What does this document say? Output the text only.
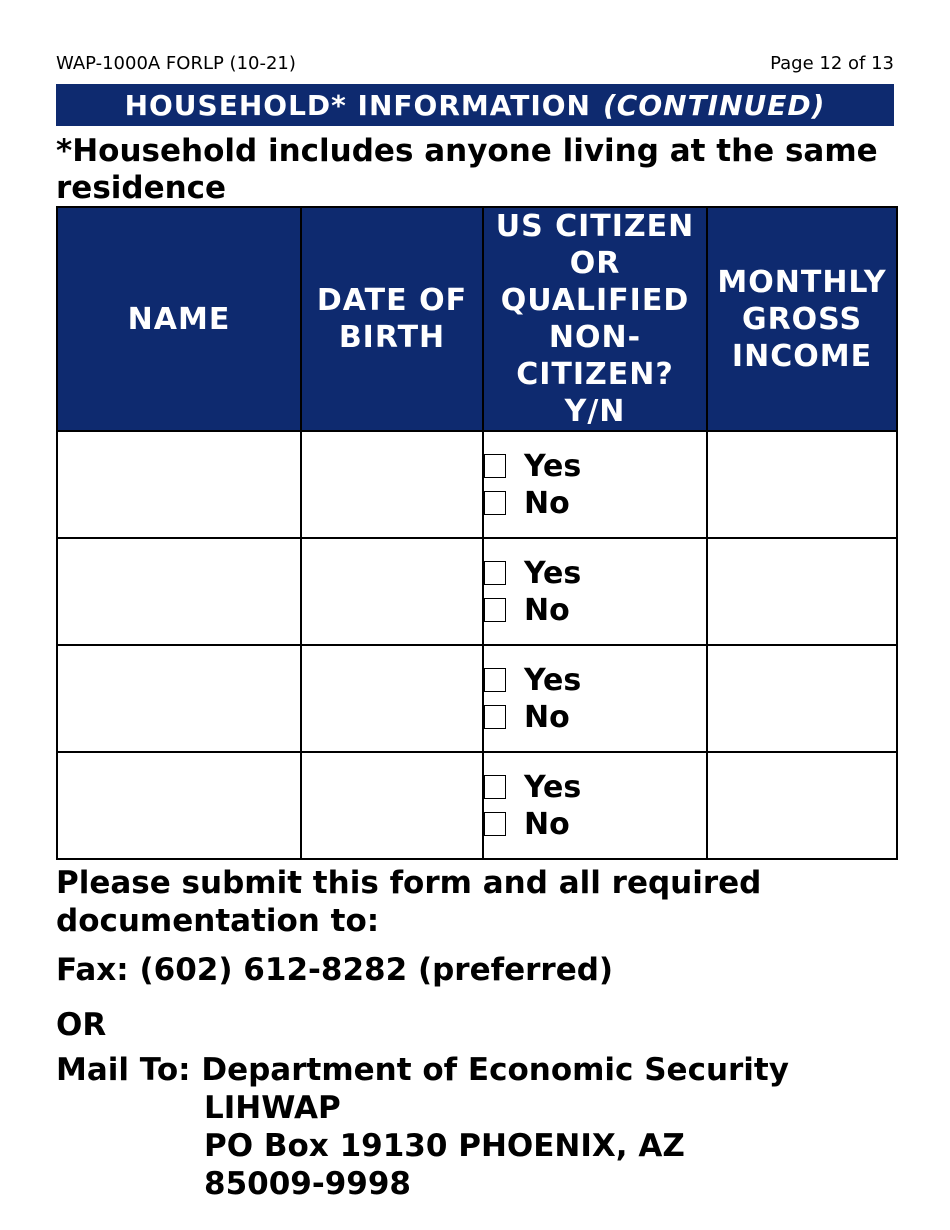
WAP-1000A FORLP (10-21)	Page 12 of 13
HOUSEHOLD* INFORMATION (CONTINUED)
*Household includes anyone living at the same residence
NAME	DATE OF BIRTH	US CITIZEN OR QUALIFIED NON-CITIZEN? Y/N	MONTHLY GROSS INCOME

		Yes
No	

		Yes
No	

		Yes
No	

		Yes
No	

Please submit this form and all required documentation to:
Fax: (602) 612-8282 (preferred)
OR
Mail To: Department of Economic Security
LIHWAP
PO Box 19130 PHOENIX, AZ
85009-9998
